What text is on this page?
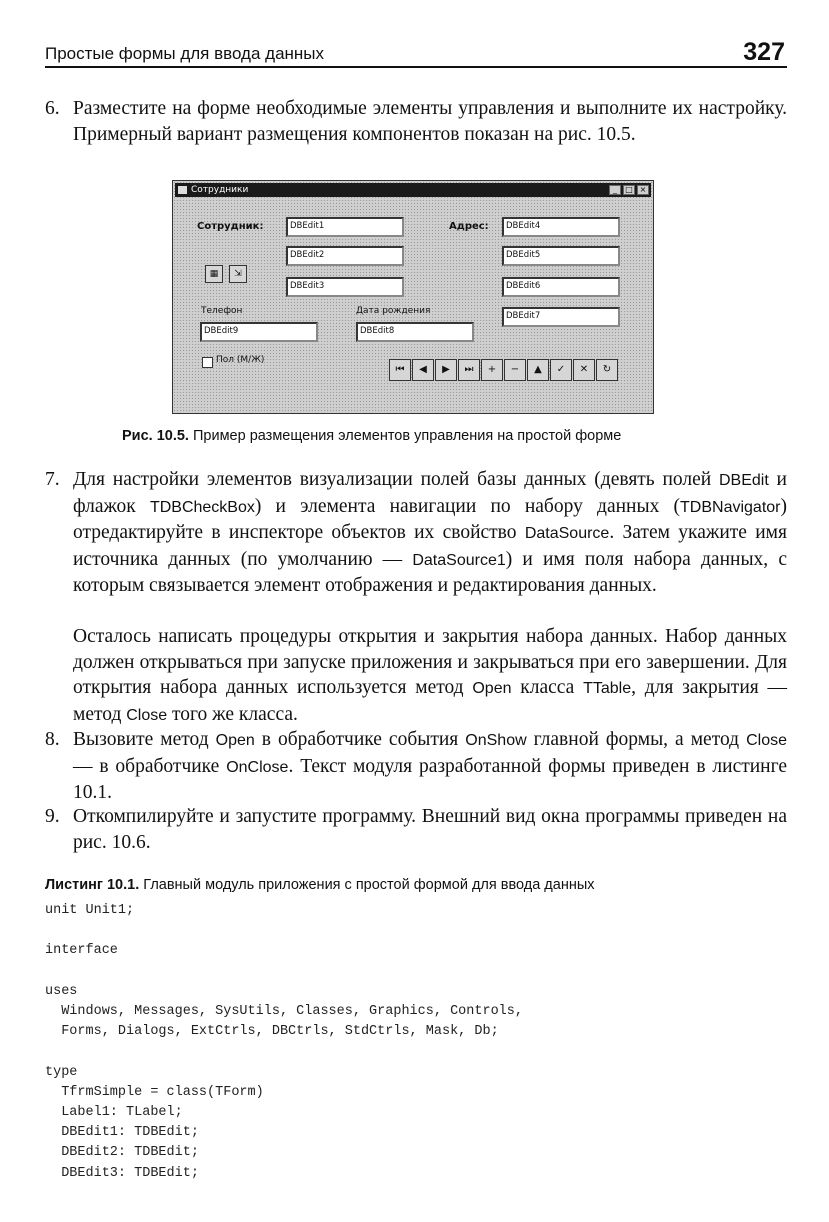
Простые формы для ввода данных	327
6. Разместите на форме необходимые элементы управления и выполните их настройку. Примерный вариант размещения компонентов показан на рис. 10.5.
Сотрудники	_	□ ×
Сотрудник:	Адрес:
DBEdit1
DBEdit2
DBEdit3
DBEdit4
DBEdit5
DBEdit6
DBEdit7
▦	⇲
Телефон	Дата рождения
DBEdit9	DBEdit8
Пол (М/Ж)
⏮	◀	▶	⏭	+	−	▲	✓	✕	↻
Рис. 10.5. Пример размещения элементов управления на простой форме
7. Для настройки элементов визуализации полей базы данных (девять полей DBEdit и флажок TDBCheckBox) и элемента навигации по набору данных (TDBNavigator) отредактируйте в инспекторе объектов их свойство DataSource. Затем укажите имя источника данных (по умолчанию — DataSource1) и имя поля набора данных, с которым связывается элемент отображения и редактирования данных.
Осталось написать процедуры открытия и закрытия набора данных. Набор данных должен открываться при запуске приложения и закрываться при его завершении. Для открытия набора данных используется метод Open класса TTable, для закрытия — метод Close того же класса.
8. Вызовите метод Open в обработчике события OnShow главной формы, а метод Close — в обработчике OnClose. Текст модуля разработанной формы приведен в листинге 10.1.
9. Откомпилируйте и запустите программу. Внешний вид окна программы приведен на рис. 10.6.
Листинг 10.1. Главный модуль приложения с простой формой для ввода данных
unit Unit1;

interface

uses
Windows, Messages, SysUtils, Classes, Graphics, Controls,
Forms, Dialogs, ExtCtrls, DBCtrls, StdCtrls, Mask, Db;

type
TfrmSimple = class(TForm)
Label1: TLabel;
DBEdit1: TDBEdit;
DBEdit2: TDBEdit;
DBEdit3: TDBEdit;
